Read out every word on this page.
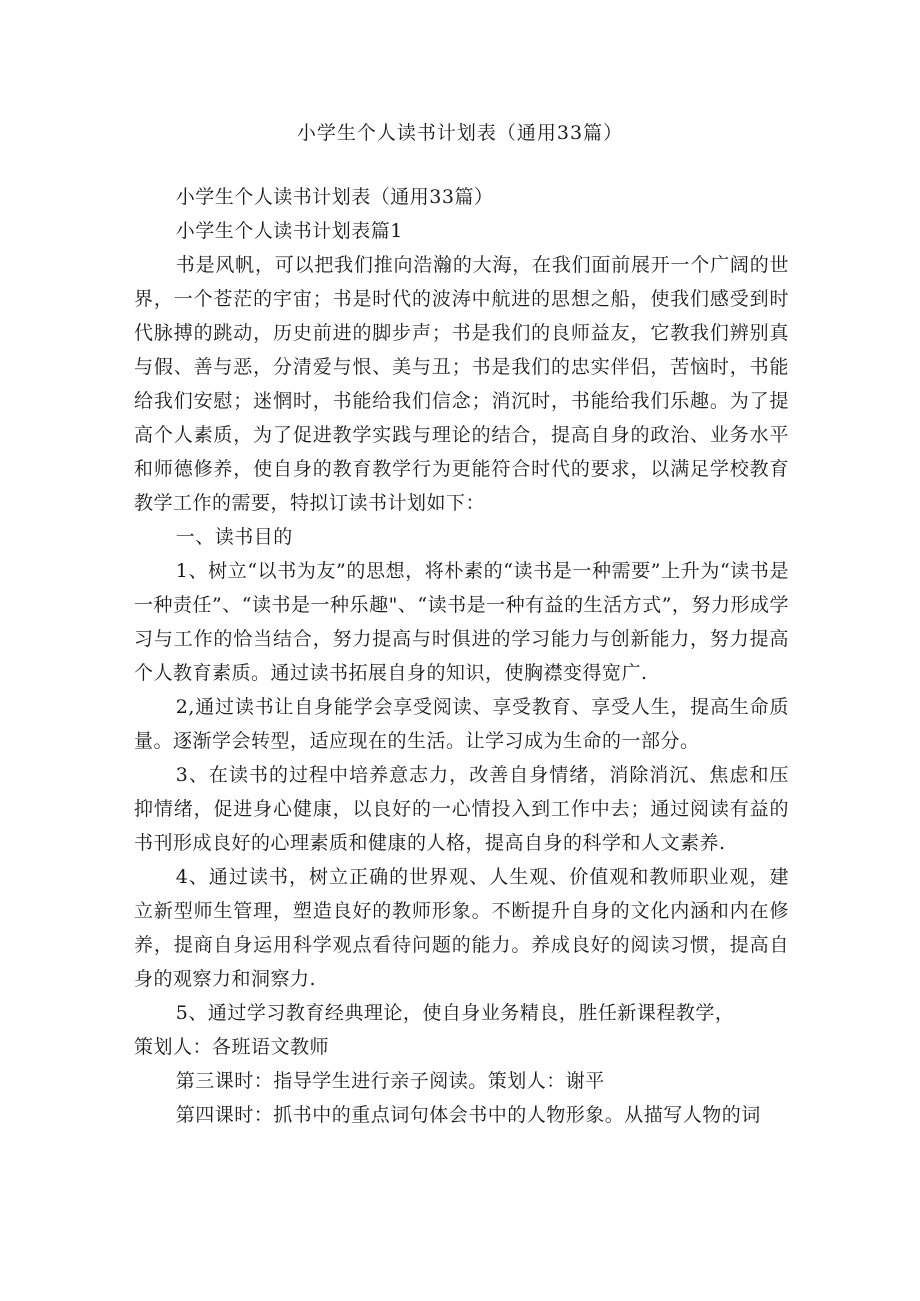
小学生个人读书计划表（通用33篇）

小学生个人读书计划表（通用33篇）

小学生个人读书计划表篇1

书是风帆，可以把我们推向浩瀚的大海，在我们面前展开一个广阔的世界，一个苍茫的宇宙；书是时代的波涛中航进的思想之船，使我们感受到时代脉搏的跳动，历史前进的脚步声；书是我们的良师益友，它教我们辨别真与假、善与恶，分清爱与恨、美与丑；书是我们的忠实伴侣，苦恼时，书能给我们安慰；迷惘时，书能给我们信念；消沉时，书能给我们乐趣。为了提高个人素质，为了促进教学实践与理论的结合，提高自身的政治、业务水平和师德修养，使自身的教育教学行为更能符合时代的要求，以满足学校教育教学工作的需要，特拟订读书计划如下：

一、读书目的

1、树立“以书为友”的思想，将朴素的“读书是一种需要”上升为“读书是一种责任”、“读书是一种乐趣"、“读书是一种有益的生活方式”，努力形成学习与工作的恰当结合，努力提高与时俱进的学习能力与创新能力，努力提高个人教育素质。通过读书拓展自身的知识，使胸襟变得宽广.

2,通过读书让自身能学会享受阅读、享受教育、享受人生，提高生命质量。逐渐学会转型，适应现在的生活。让学习成为生命的一部分。

3、在读书的过程中培养意志力，改善自身情绪，消除消沉、焦虑和压抑情绪，促进身心健康，以良好的一心情投入到工作中去；通过阅读有益的书刊形成良好的心理素质和健康的人格，提高自身的科学和人文素养.

4、通过读书，树立正确的世界观、人生观、价值观和教师职业观，建立新型师生管理，塑造良好的教师形象。不断提升自身的文化内涵和内在修养，提商自身运用科学观点看待问题的能力。养成良好的阅读习惯，提高自身的观察力和洞察力.

5、通过学习教育经典理论，使自身业务精良，胜任新课程教学，

策划人：各班语文教师

第三课时：指导学生进行亲子阅读。策划人：谢平

第四课时：抓书中的重点词句体会书中的人物形象。从描写人物的词
